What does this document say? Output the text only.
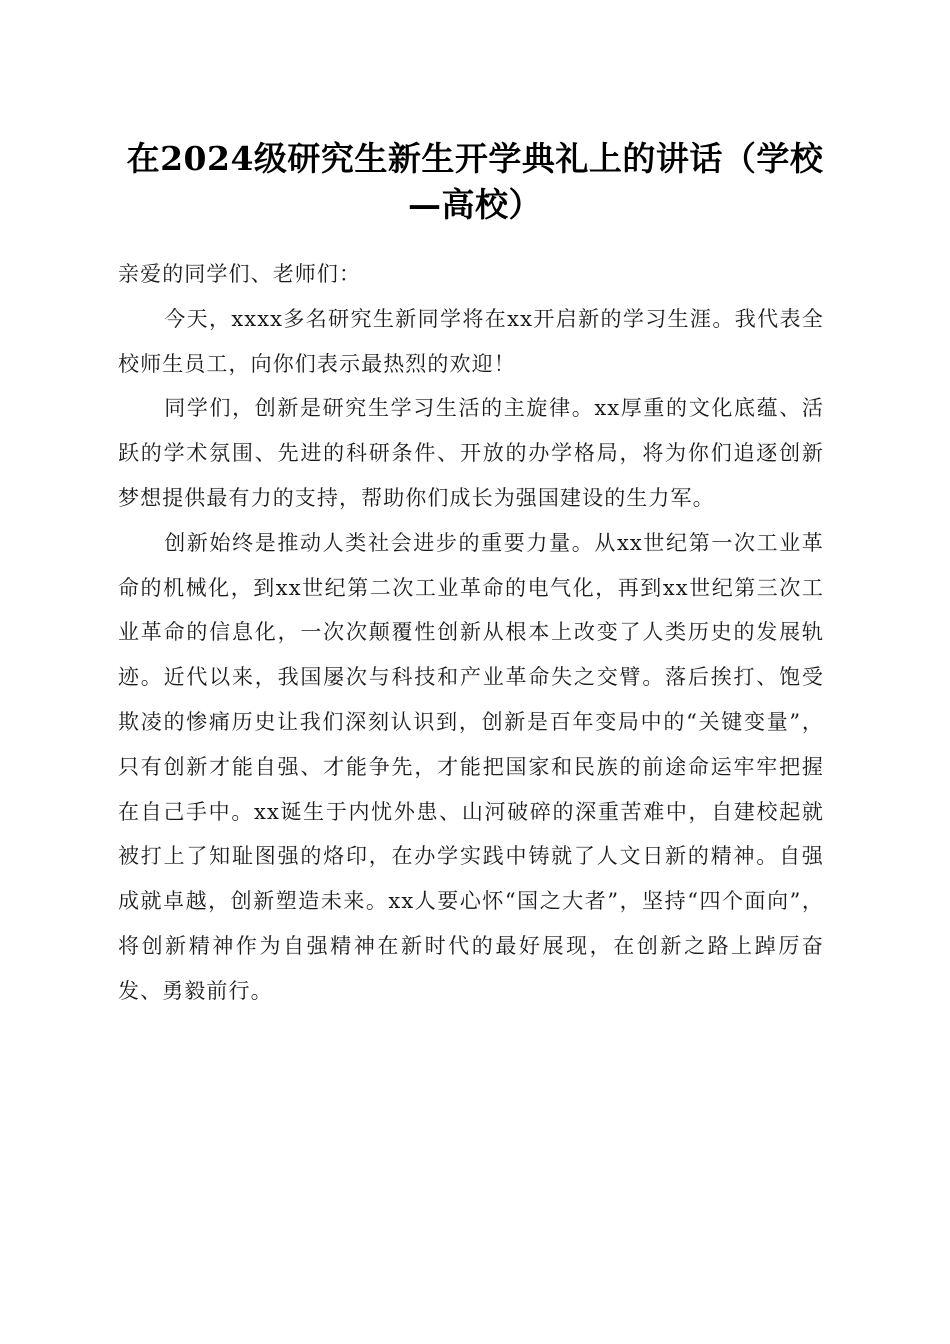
在2024级研究生新生开学典礼上的讲话（学校—高校）

亲爱的同学们、老师们：

今天，xxxx多名研究生新同学将在xx开启新的学习生涯。我代表全校师生员工，向你们表示最热烈的欢迎！

同学们，创新是研究生学习生活的主旋律。xx厚重的文化底蕴、活跃的学术氛围、先进的科研条件、开放的办学格局，将为你们追逐创新梦想提供最有力的支持，帮助你们成长为强国建设的生力军。

创新始终是推动人类社会进步的重要力量。从xx世纪第一次工业革命的机械化，到xx世纪第二次工业革命的电气化，再到xx世纪第三次工业革命的信息化，一次次颠覆性创新从根本上改变了人类历史的发展轨迹。近代以来，我国屡次与科技和产业革命失之交臂。落后挨打、饱受欺凌的惨痛历史让我们深刻认识到，创新是百年变局中的“关键变量”，只有创新才能自强、才能争先，才能把国家和民族的前途命运牢牢把握在自己手中。xx诞生于内忧外患、山河破碎的深重苦难中，自建校起就被打上了知耻图强的烙印，在办学实践中铸就了人文日新的精神。自强成就卓越，创新塑造未来。xx人要心怀“国之大者”，坚持“四个面向”，将创新精神作为自强精神在新时代的最好展现，在创新之路上踔厉奋发、勇毅前行。
